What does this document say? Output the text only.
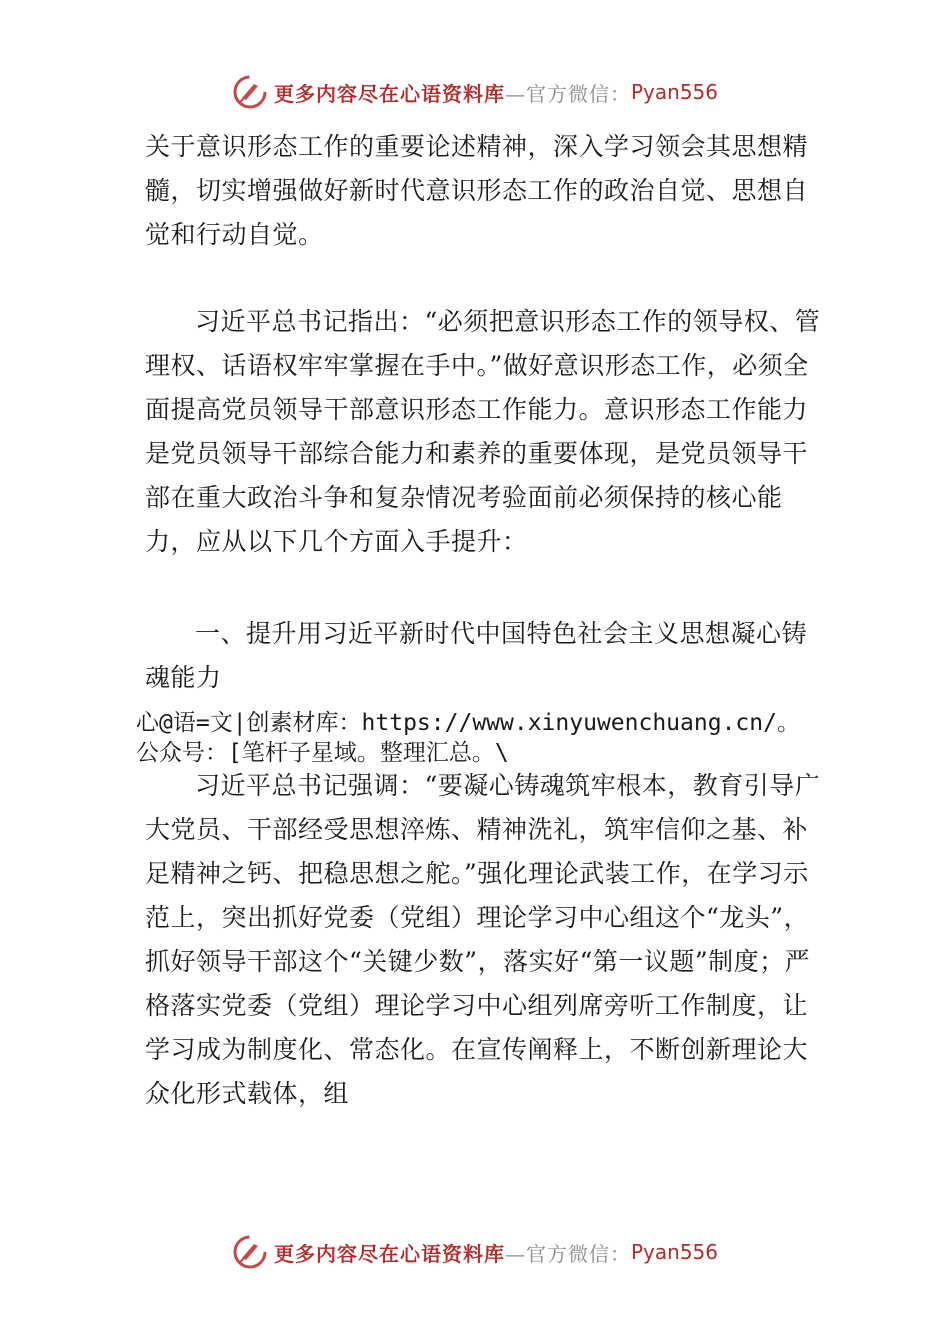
更多内容尽在心语资料库 —官方微信： Pyan556

关于意识形态工作的重要论述精神，深入学习领会其思想精髓，切实增强做好新时代意识形态工作的政治自觉、思想自觉和行动自觉。

习近平总书记指出：“必须把意识形态工作的领导权、管理权、话语权牢牢掌握在手中。”做好意识形态工作，必须全面提高党员领导干部意识形态工作能力。意识形态工作能力是党员领导干部综合能力和素养的重要体现，是党员领导干部在重大政治斗争和复杂情况考验面前必须保持的核心能力，应从以下几个方面入手提升：

一、提升用习近平新时代中国特色社会主义思想凝心铸魂能力

心@语=文|创素材库：https://www.xinyuwenchuang.cn/。
公众号：[笔杆子星域。整理汇总。\

习近平总书记强调：“要凝心铸魂筑牢根本，教育引导广大党员、干部经受思想淬炼、精神洗礼，筑牢信仰之基、补足精神之钙、把稳思想之舵。”强化理论武装工作，在学习示范上，突出抓好党委（党组）理论学习中心组这个“龙头”，抓好领导干部这个“关键少数”，落实好“第一议题”制度；严格落实党委（党组）理论学习中心组列席旁听工作制度，让学习成为制度化、常态化。在宣传阐释上，不断创新理论大众化形式载体，组

更多内容尽在心语资料库 —官方微信： Pyan556
